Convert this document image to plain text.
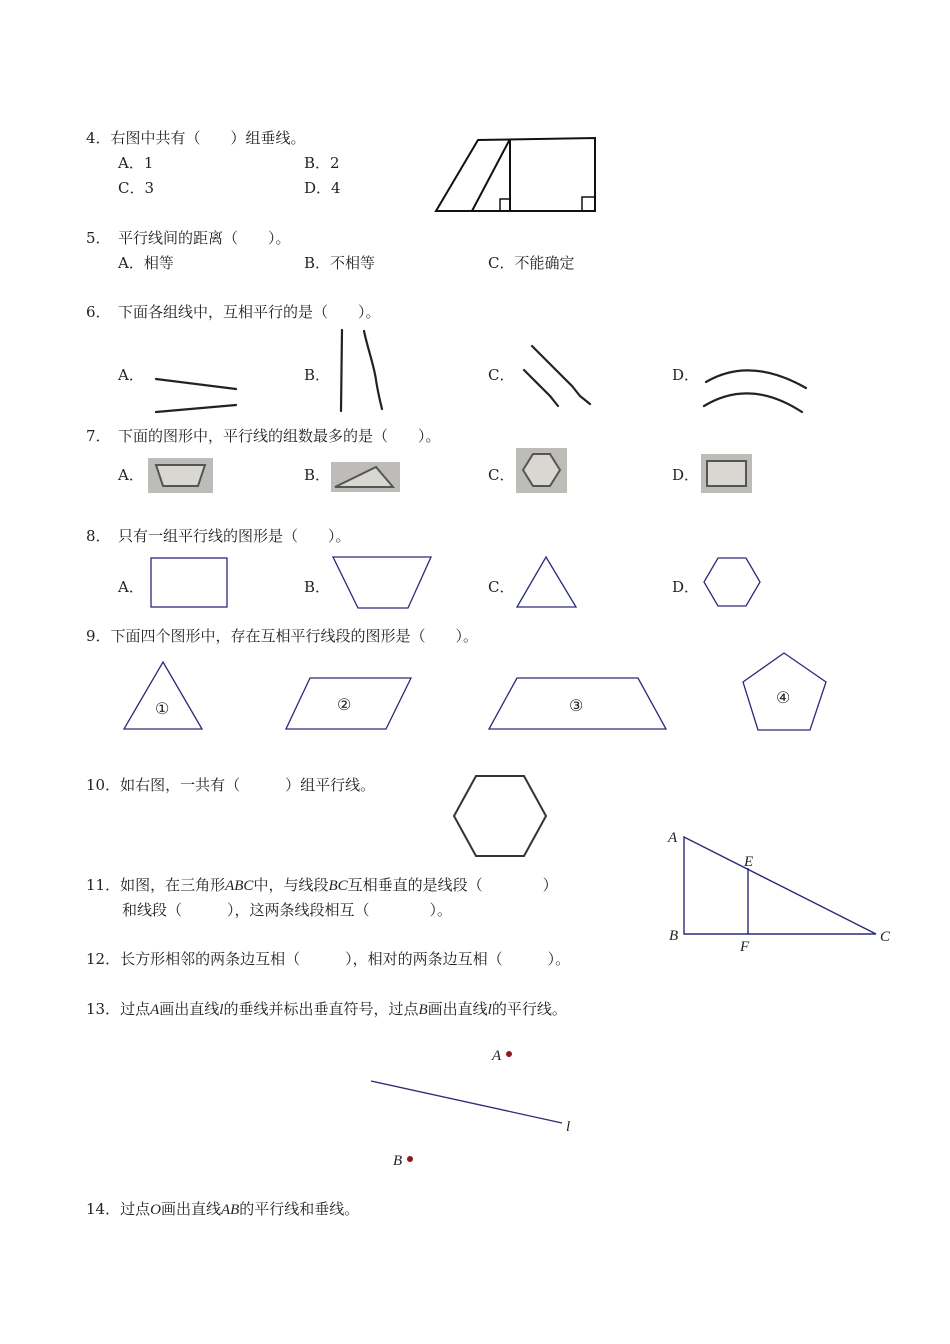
4．右图中共有（　　）组垂线。
A．1	B．2
C．3	D．4
5．　平行线间的距离（　　）。
A．相等	B．不相等	C．不能确定
6．　下面各组线中，互相平行的是（　　）。
A．	B．	C．	D．
7．　下面的图形中，平行线的组数最多的是（　　）。
A．	B．	C．	D．
8．　只有一组平行线的图形是（　　）。
A．	B．	C．	D．
9．下面四个图形中，存在互相平行线段的图形是（　　）。
①	②	③	④
10．如右图，一共有（　　　）组平行线。
A
E
B
F
C
11．如图，在三角形ABC中，与线段BC互相垂直的是线段（　　　　）
和线段（　　　），这两条线段相互（　　　　）。
12．长方形相邻的两条边互相（　　　），相对的两条边互相（　　　）。
13．过点A画出直线l的垂线并标出垂直符号，过点B画出直线l的平行线。
l
A
B
14．过点O画出直线AB的平行线和垂线。
